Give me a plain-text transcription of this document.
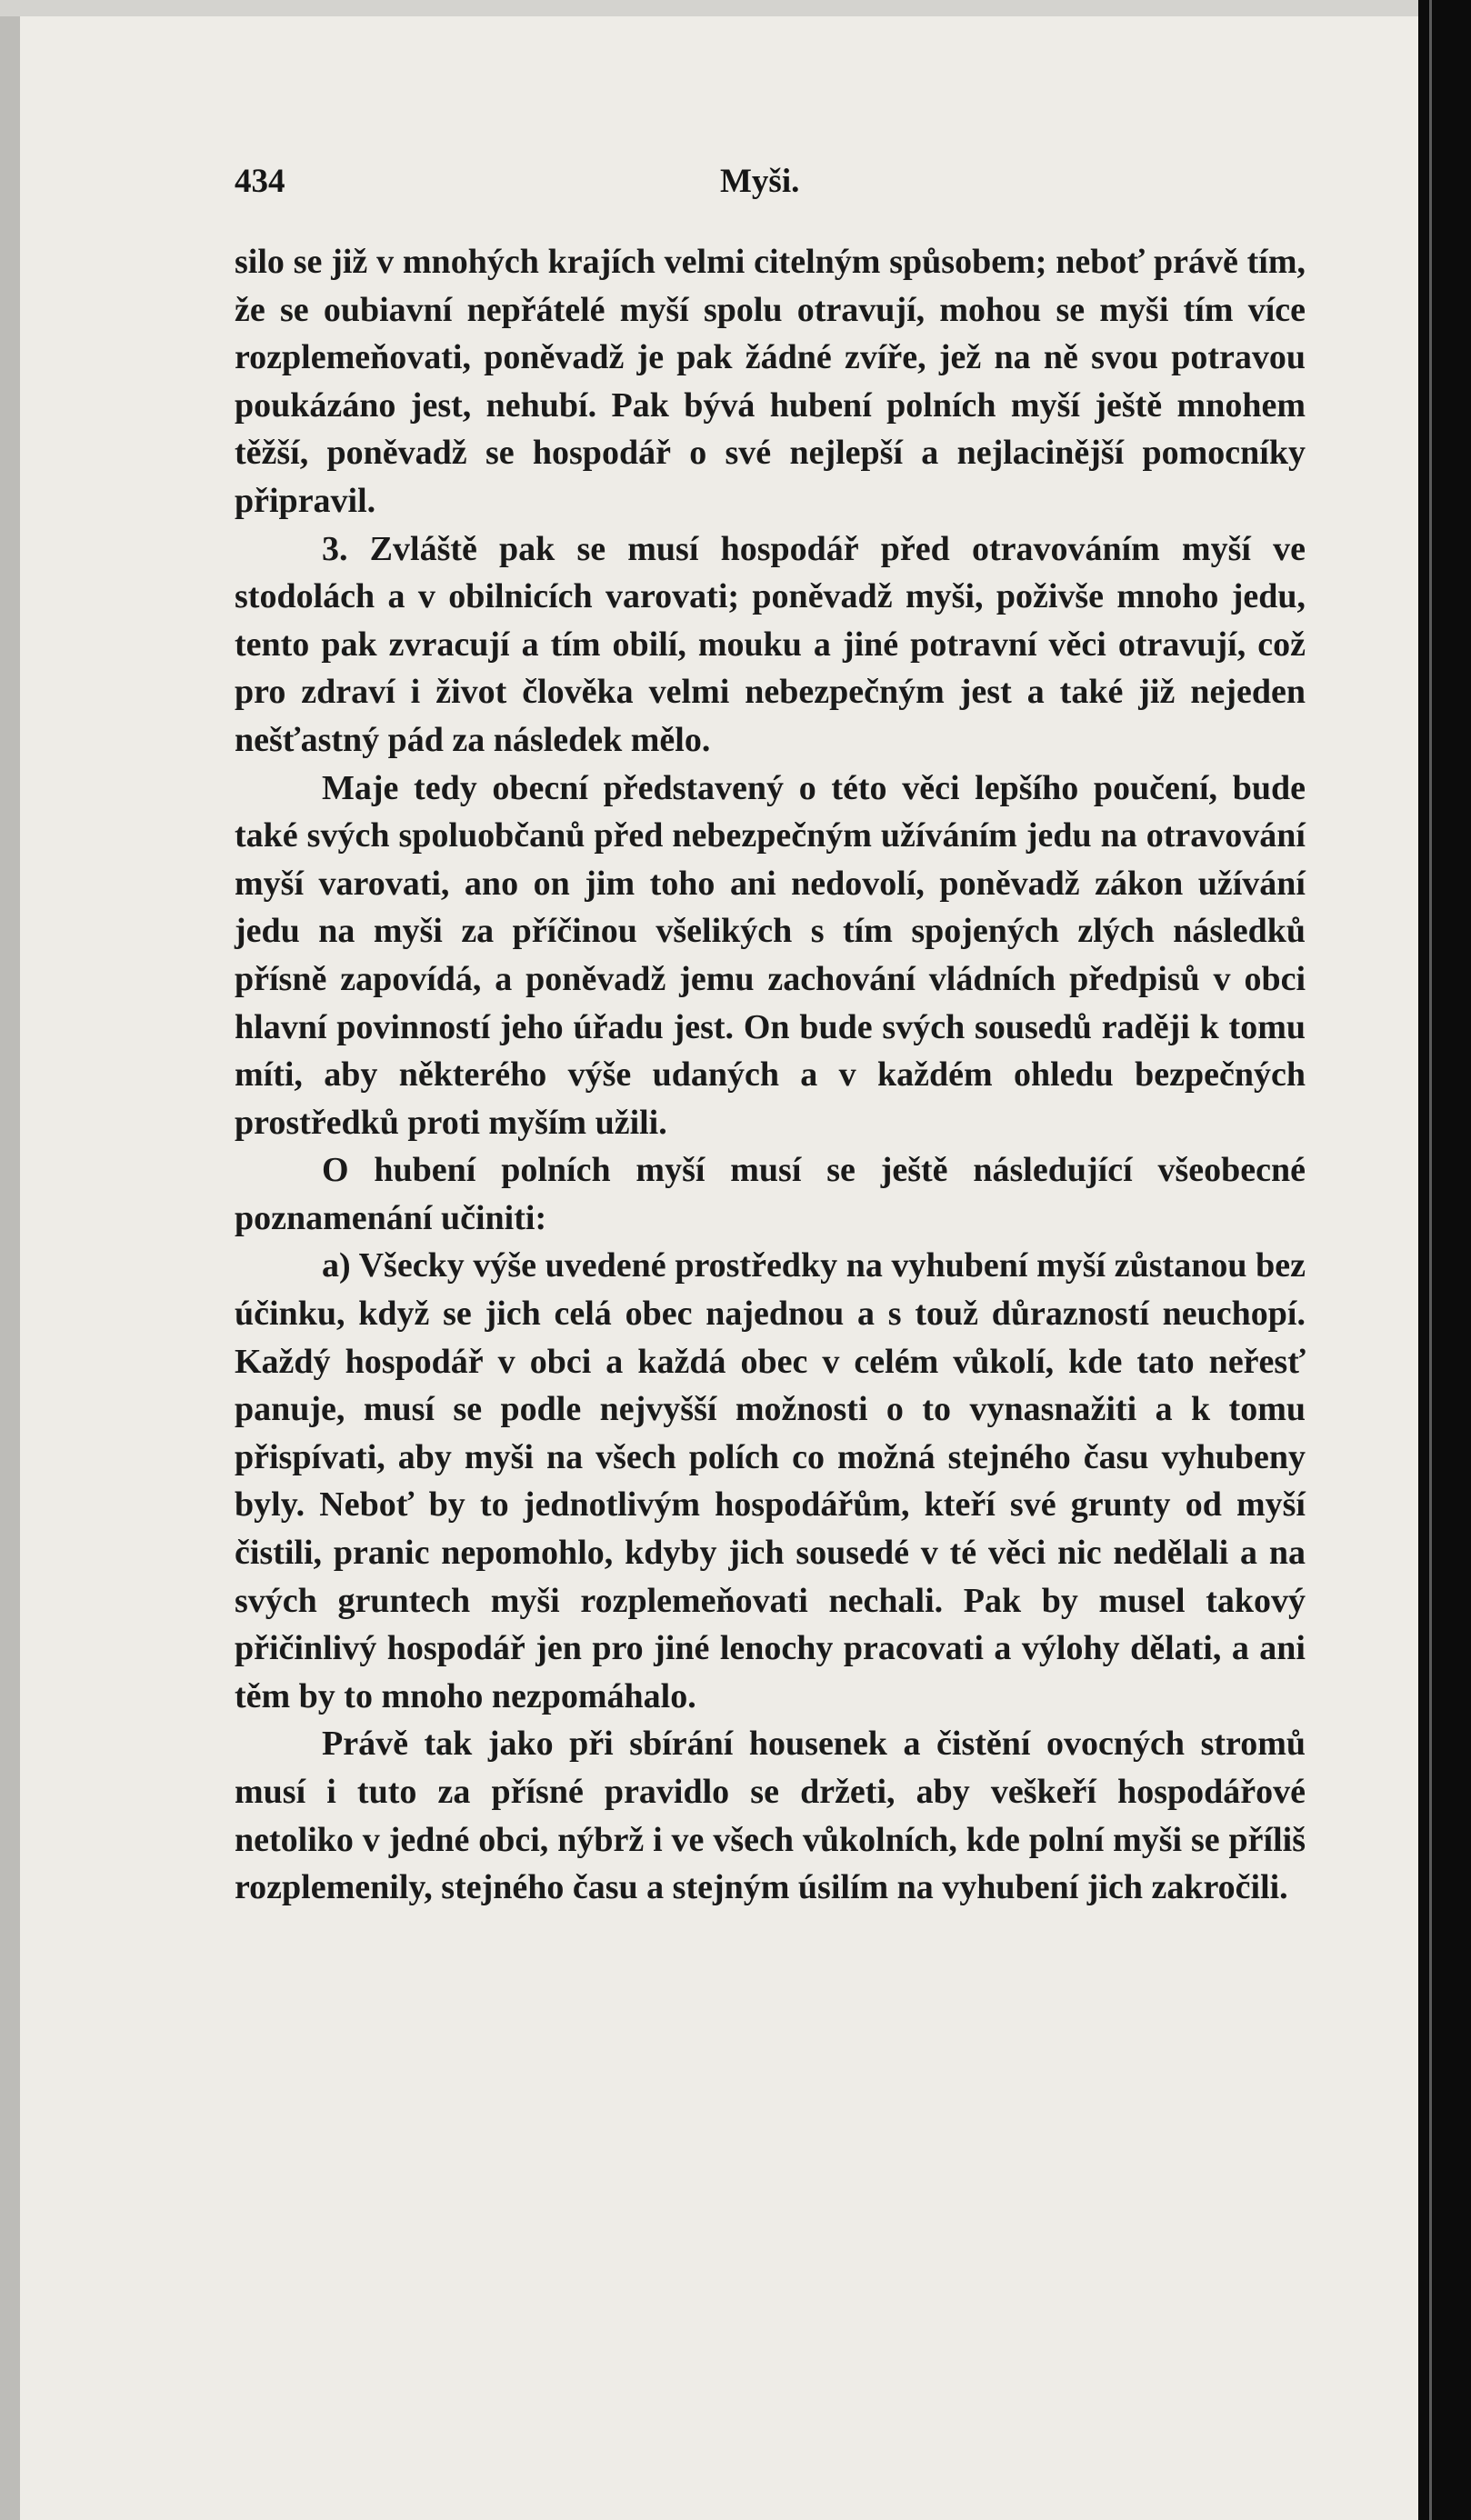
434	Myši.

silo se již v mnohých krajích velmi citelným spůsobem; neboť právě tím, že se oubiavní nepřátelé myší spolu otravují, mohou se myši tím více rozplemeňovati, poněvadž je pak žádné zvíře, jež na ně svou potravou poukázáno jest, nehubí. Pak bývá hubení polních myší ještě mnohem těžší, poněvadž se hospodář o své nejlepší a nejlacinější pomocníky připravil.

3. Zvláště pak se musí hospodář před otravováním myší ve stodolách a v obilnicích varovati; poněvadž myši, poživše mnoho jedu, tento pak zvracují a tím obilí, mouku a jiné potravní věci otravují, což pro zdraví i život člověka velmi nebezpečným jest a také již nejeden nešťastný pád za následek mělo.

Maje tedy obecní představený o této věci lepšího poučení, bude také svých spoluobčanů před nebezpečným užíváním jedu na otravování myší varovati, ano on jim toho ani nedovolí, poněvadž zákon užívání jedu na myši za příčinou všelikých s tím spojených zlých následků přísně zapovídá, a poněvadž jemu zachování vládních předpisů v obci hlavní povinností jeho úřadu jest. On bude svých sousedů raději k tomu míti, aby některého výše udaných a v každém ohledu bezpečných prostředků proti myším užili.

O hubení polních myší musí se ještě následující všeobecné poznamenání učiniti:

a) Všecky výše uvedené prostředky na vyhubení myší zůstanou bez účinku, když se jich celá obec najednou a s touž důrazností neuchopí. Každý hospodář v obci a každá obec v celém vůkolí, kde tato neřesť panuje, musí se podle nejvyšší možnosti o to vynasnažiti a k tomu přispívati, aby myši na všech polích co možná stejného času vyhubeny byly. Neboť by to jednotlivým hospodářům, kteří své grunty od myší čistili, pranic nepomohlo, kdyby jich sousedé v té věci nic nedělali a na svých gruntech myši rozplemeňovati nechali. Pak by musel takový přičinlivý hospodář jen pro jiné lenochy pracovati a výlohy dělati, a ani těm by to mnoho nezpomáhalo.

Právě tak jako při sbírání housenek a čistění ovocných stromů musí i tuto za přísné pravidlo se držeti, aby veškeří hospodářové netoliko v jedné obci, nýbrž i ve všech vůkolních, kde polní myši se příliš rozplemenily, stejného času a stejným úsilím na vyhubení jich zakročili.
